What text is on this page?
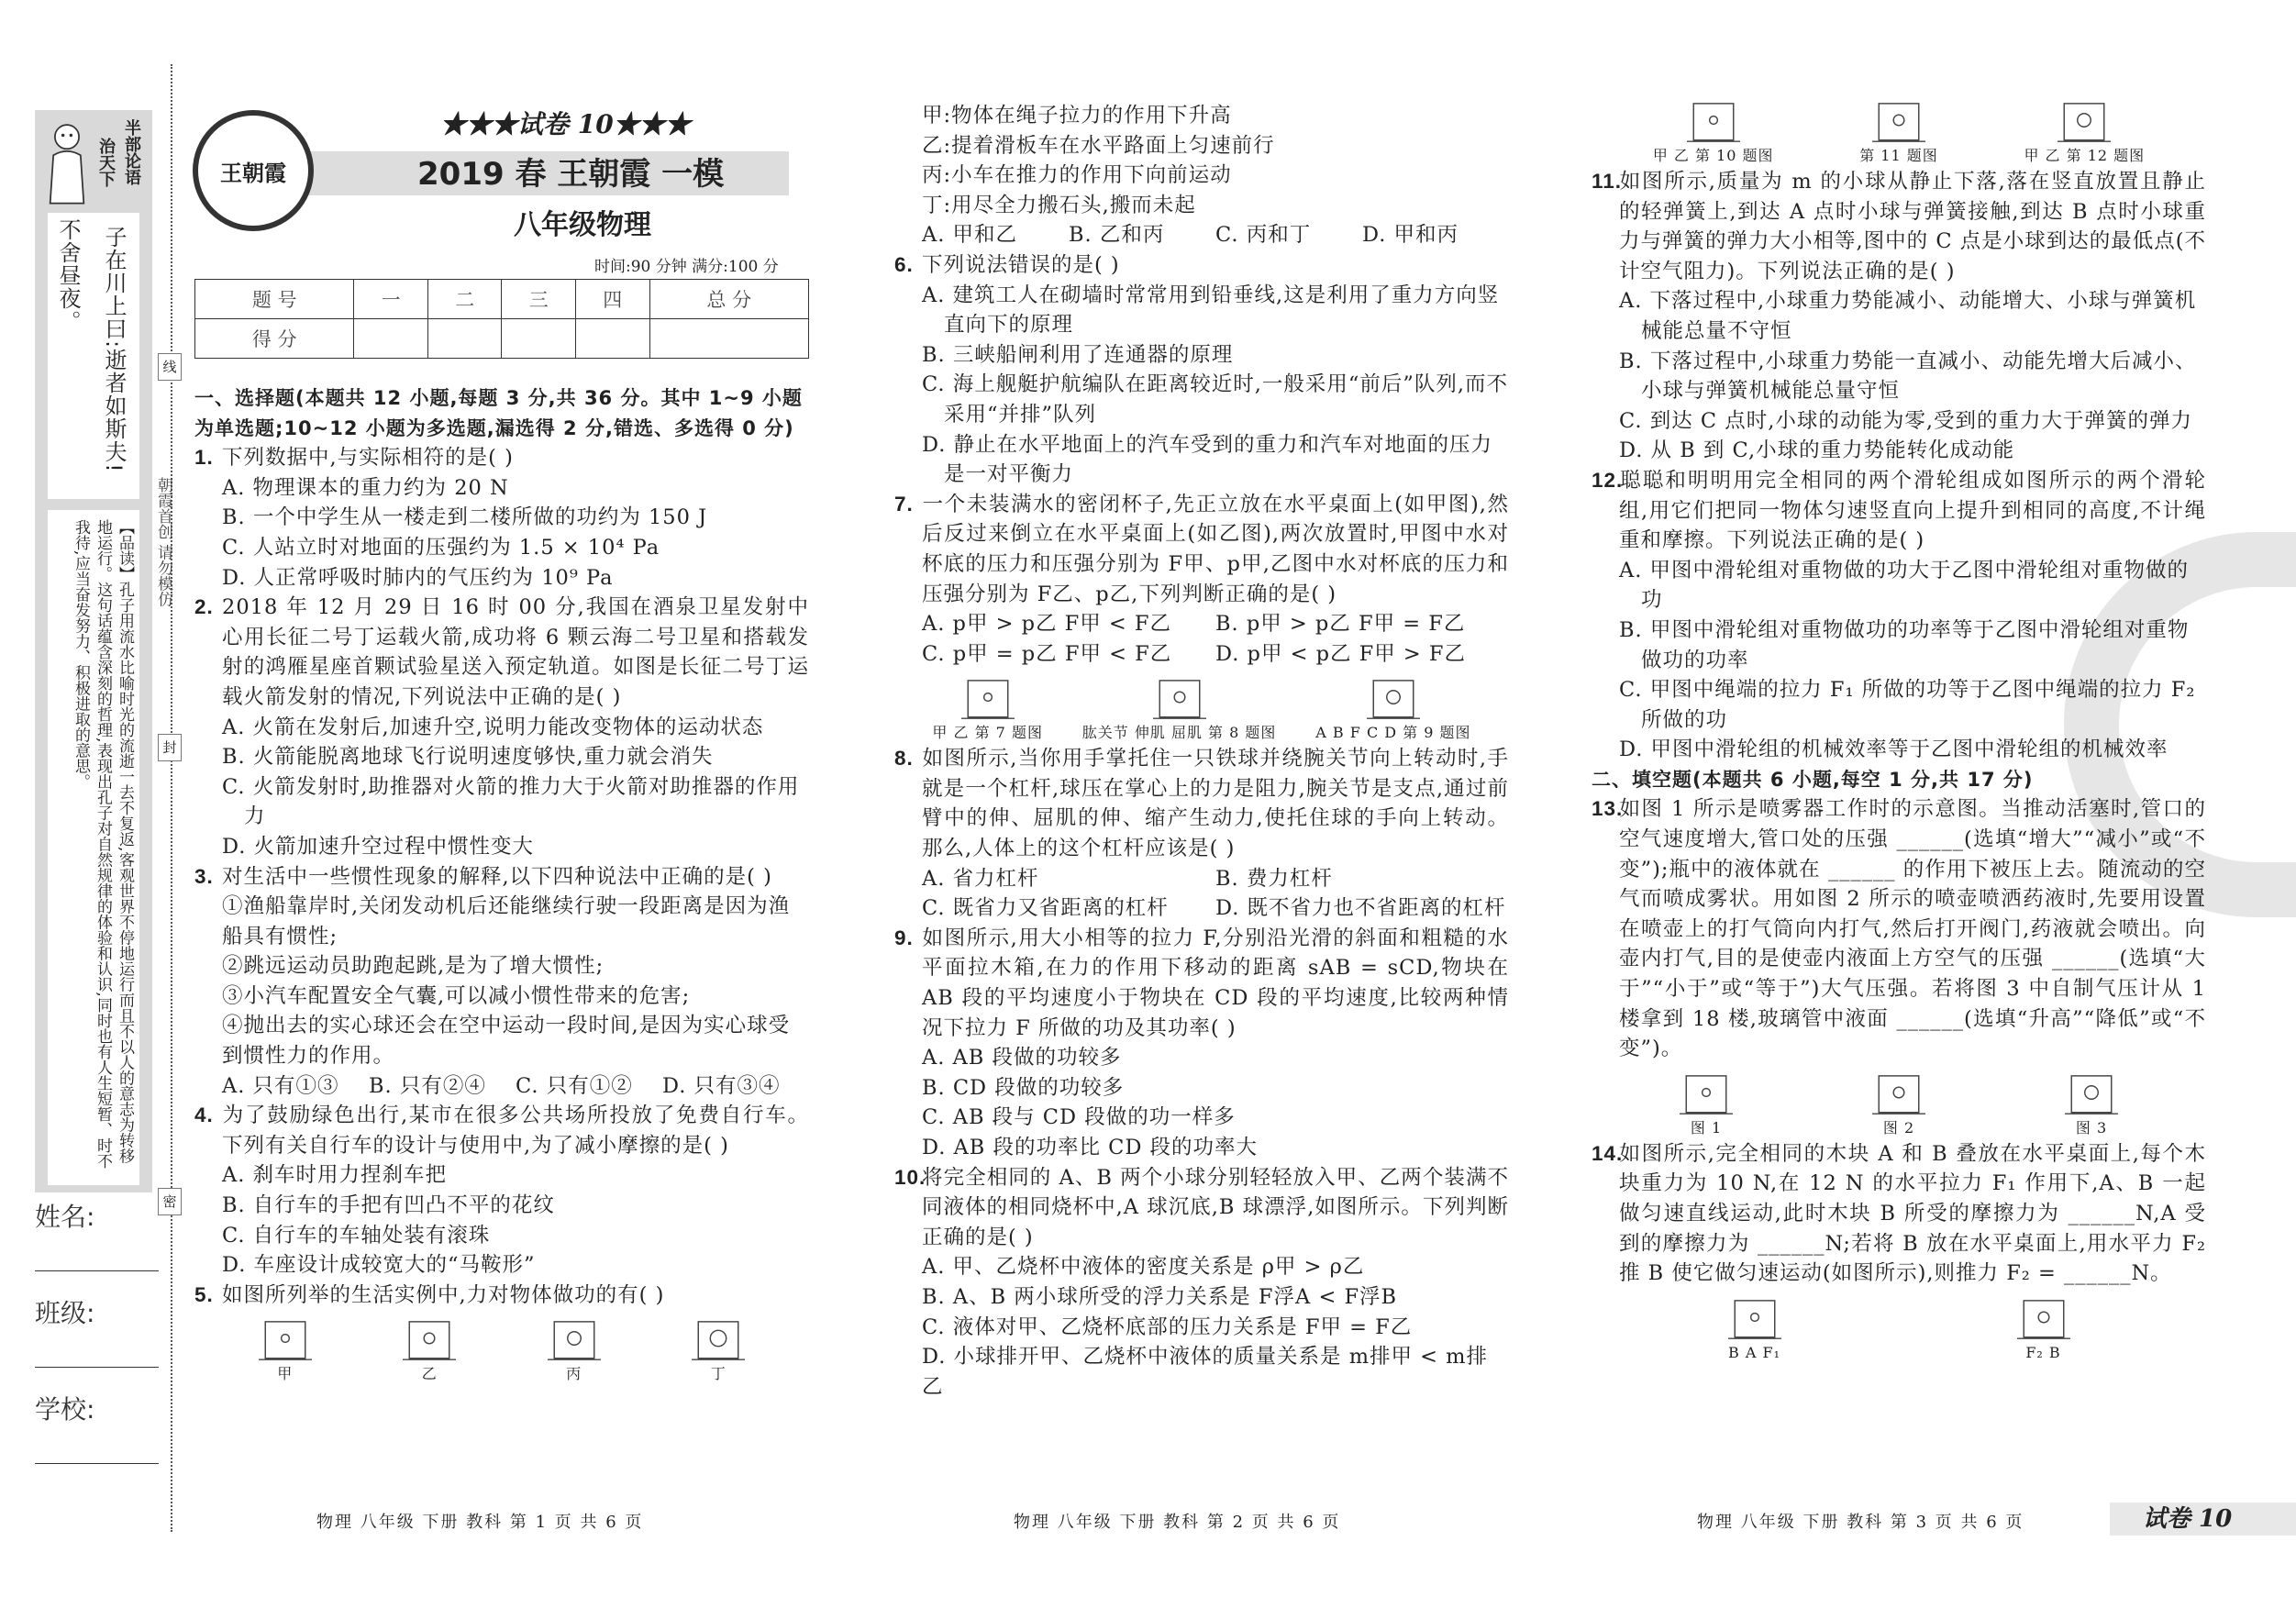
半部论语
治天下
子在川上曰:逝者如斯夫!
不舍昼夜。
【品读】孔子用流水比喻时光的流逝一去不复返,客观世界不停地运行而且不以人的意志为转移地运行。这句话蕴含深刻的哲理,表现出孔子对自然规律的体验和认识,同时也有人生短暂、时不我待,应当奋发努力、积极进取的意思。
姓名:
班级:
学校:
线
朝霞首创 请勿模仿
封
密
王朝霞
★★★试卷 10★★★
2019 春 王朝霞 一模
八年级物理
时间:90 分钟 满分:100 分
题 号	一	二	三	四	总 分
得 分					
一、选择题(本题共 12 小题,每题 3 分,共 36 分。其中 1~9 小题为单选题;10~12 小题为多选题,漏选得 2 分,错选、多选得 0 分)
1. 下列数据中,与实际相符的是( )
A. 物理课本的重力约为 20 N
B. 一个中学生从一楼走到二楼所做的功约为 150 J
C. 人站立时对地面的压强约为 1.5 × 10⁴ Pa
D. 人正常呼吸时肺内的气压约为 10⁹ Pa
2. 2018 年 12 月 29 日 16 时 00 分,我国在酒泉卫星发射中心用长征二号丁运载火箭,成功将 6 颗云海二号卫星和搭载发射的鸿雁星座首颗试验星送入预定轨道。如图是长征二号丁运载火箭发射的情况,下列说法中正确的是( )
A. 火箭在发射后,加速升空,说明力能改变物体的运动状态
B. 火箭能脱离地球飞行说明速度够快,重力就会消失
C. 火箭发射时,助推器对火箭的推力大于火箭对助推器的作用力
D. 火箭加速升空过程中惯性变大
3. 对生活中一些惯性现象的解释,以下四种说法中正确的是( )
①渔船靠岸时,关闭发动机后还能继续行驶一段距离是因为渔船具有惯性;
②跳远运动员助跑起跳,是为了增大惯性;
③小汽车配置安全气囊,可以减小惯性带来的危害;
④抛出去的实心球还会在空中运动一段时间,是因为实心球受到惯性力的作用。
A. 只有①③	B. 只有②④	C. 只有①②	D. 只有③④
4. 为了鼓励绿色出行,某市在很多公共场所投放了免费自行车。下列有关自行车的设计与使用中,为了减小摩擦的是( )
A. 刹车时用力捏刹车把
B. 自行车的手把有凹凸不平的花纹
C. 自行车的车轴处装有滚珠
D. 车座设计成较宽大的“马鞍形”
5. 如图所列举的生活实例中,力对物体做功的有( )
甲	乙	丙	丁
甲:物体在绳子拉力的作用下升高
乙:提着滑板车在水平路面上匀速前行
丙:小车在推力的作用下向前运动
丁:用尽全力搬石头,搬而未起
A. 甲和乙	B. 乙和丙	C. 丙和丁	D. 甲和丙
6. 下列说法错误的是( )
A. 建筑工人在砌墙时常常用到铅垂线,这是利用了重力方向竖直向下的原理
B. 三峡船闸利用了连通器的原理
C. 海上舰艇护航编队在距离较近时,一般采用“前后”队列,而不采用“并排”队列
D. 静止在水平地面上的汽车受到的重力和汽车对地面的压力是一对平衡力
7. 一个未装满水的密闭杯子,先正立放在水平桌面上(如甲图),然后反过来倒立在水平桌面上(如乙图),两次放置时,甲图中水对杯底的压力和压强分别为 F甲、p甲,乙图中水对杯底的压力和压强分别为 F乙、p乙,下列判断正确的是( )
A. p甲 > p乙 F甲 < F乙	B. p甲 > p乙 F甲 = F乙
C. p甲 = p乙 F甲 < F乙	D. p甲 < p乙 F甲 > F乙
甲 乙 第 7 题图	肱关节 伸肌 屈肌 第 8 题图	A B F C D 第 9 题图
8. 如图所示,当你用手掌托住一只铁球并绕腕关节向上转动时,手就是一个杠杆,球压在掌心上的力是阻力,腕关节是支点,通过前臂中的伸、屈肌的伸、缩产生动力,使托住球的手向上转动。那么,人体上的这个杠杆应该是( )
A. 省力杠杆	B. 费力杠杆
C. 既省力又省距离的杠杆	D. 既不省力也不省距离的杠杆
9. 如图所示,用大小相等的拉力 F,分别沿光滑的斜面和粗糙的水平面拉木箱,在力的作用下移动的距离 sAB = sCD,物块在 AB 段的平均速度小于物块在 CD 段的平均速度,比较两种情况下拉力 F 所做的功及其功率( )
A. AB 段做的功较多
B. CD 段做的功较多
C. AB 段与 CD 段做的功一样多
D. AB 段的功率比 CD 段的功率大
10.将完全相同的 A、B 两个小球分别轻轻放入甲、乙两个装满不同液体的相同烧杯中,A 球沉底,B 球漂浮,如图所示。下列判断正确的是( )
A. 甲、乙烧杯中液体的密度关系是 ρ甲 > ρ乙
B. A、B 两小球所受的浮力关系是 F浮A < F浮B
C. 液体对甲、乙烧杯底部的压力关系是 F甲 = F乙
D. 小球排开甲、乙烧杯中液体的质量关系是 m排甲 < m排乙
甲 乙 第 10 题图	第 11 题图	甲 乙 第 12 题图
11.如图所示,质量为 m 的小球从静止下落,落在竖直放置且静止的轻弹簧上,到达 A 点时小球与弹簧接触,到达 B 点时小球重力与弹簧的弹力大小相等,图中的 C 点是小球到达的最低点(不计空气阻力)。下列说法正确的是( )
A. 下落过程中,小球重力势能减小、动能增大、小球与弹簧机械能总量不守恒
B. 下落过程中,小球重力势能一直减小、动能先增大后减小、小球与弹簧机械能总量守恒
C. 到达 C 点时,小球的动能为零,受到的重力大于弹簧的弹力
D. 从 B 到 C,小球的重力势能转化成动能
12.聪聪和明明用完全相同的两个滑轮组成如图所示的两个滑轮组,用它们把同一物体匀速竖直向上提升到相同的高度,不计绳重和摩擦。下列说法正确的是( )
A. 甲图中滑轮组对重物做的功大于乙图中滑轮组对重物做的功
B. 甲图中滑轮组对重物做功的功率等于乙图中滑轮组对重物做功的功率
C. 甲图中绳端的拉力 F₁ 所做的功等于乙图中绳端的拉力 F₂ 所做的功
D. 甲图中滑轮组的机械效率等于乙图中滑轮组的机械效率
二、填空题(本题共 6 小题,每空 1 分,共 17 分)
13.如图 1 所示是喷雾器工作时的示意图。当推动活塞时,管口的空气速度增大,管口处的压强 ______(选填“增大”“减小”或“不变”);瓶中的液体就在 ______ 的作用下被压上去。随流动的空气而喷成雾状。用如图 2 所示的喷壶喷洒药液时,先要用设置在喷壶上的打气筒向内打气,然后打开阀门,药液就会喷出。向壶内打气,目的是使壶内液面上方空气的压强 ______(选填“大于”“小于”或“等于”)大气压强。若将图 3 中自制气压计从 1 楼拿到 18 楼,玻璃管中液面 ______(选填“升高”“降低”或“不变”)。
图 1	图 2	图 3
14.如图所示,完全相同的木块 A 和 B 叠放在水平桌面上,每个木块重力为 10 N,在 12 N 的水平拉力 F₁ 作用下,A、B 一起做匀速直线运动,此时木块 B 所受的摩擦力为 ______N,A 受到的摩擦力为 ______N;若将 B 放在水平桌面上,用水平力 F₂ 推 B 使它做匀速运动(如图所示),则推力 F₂ = ______N。
B A F₁	F₂ B
物理 八年级 下册 教科 第 1 页 共 6 页	物理 八年级 下册 教科 第 2 页 共 6 页	物理 八年级 下册 教科 第 3 页 共 6 页	试卷 10
